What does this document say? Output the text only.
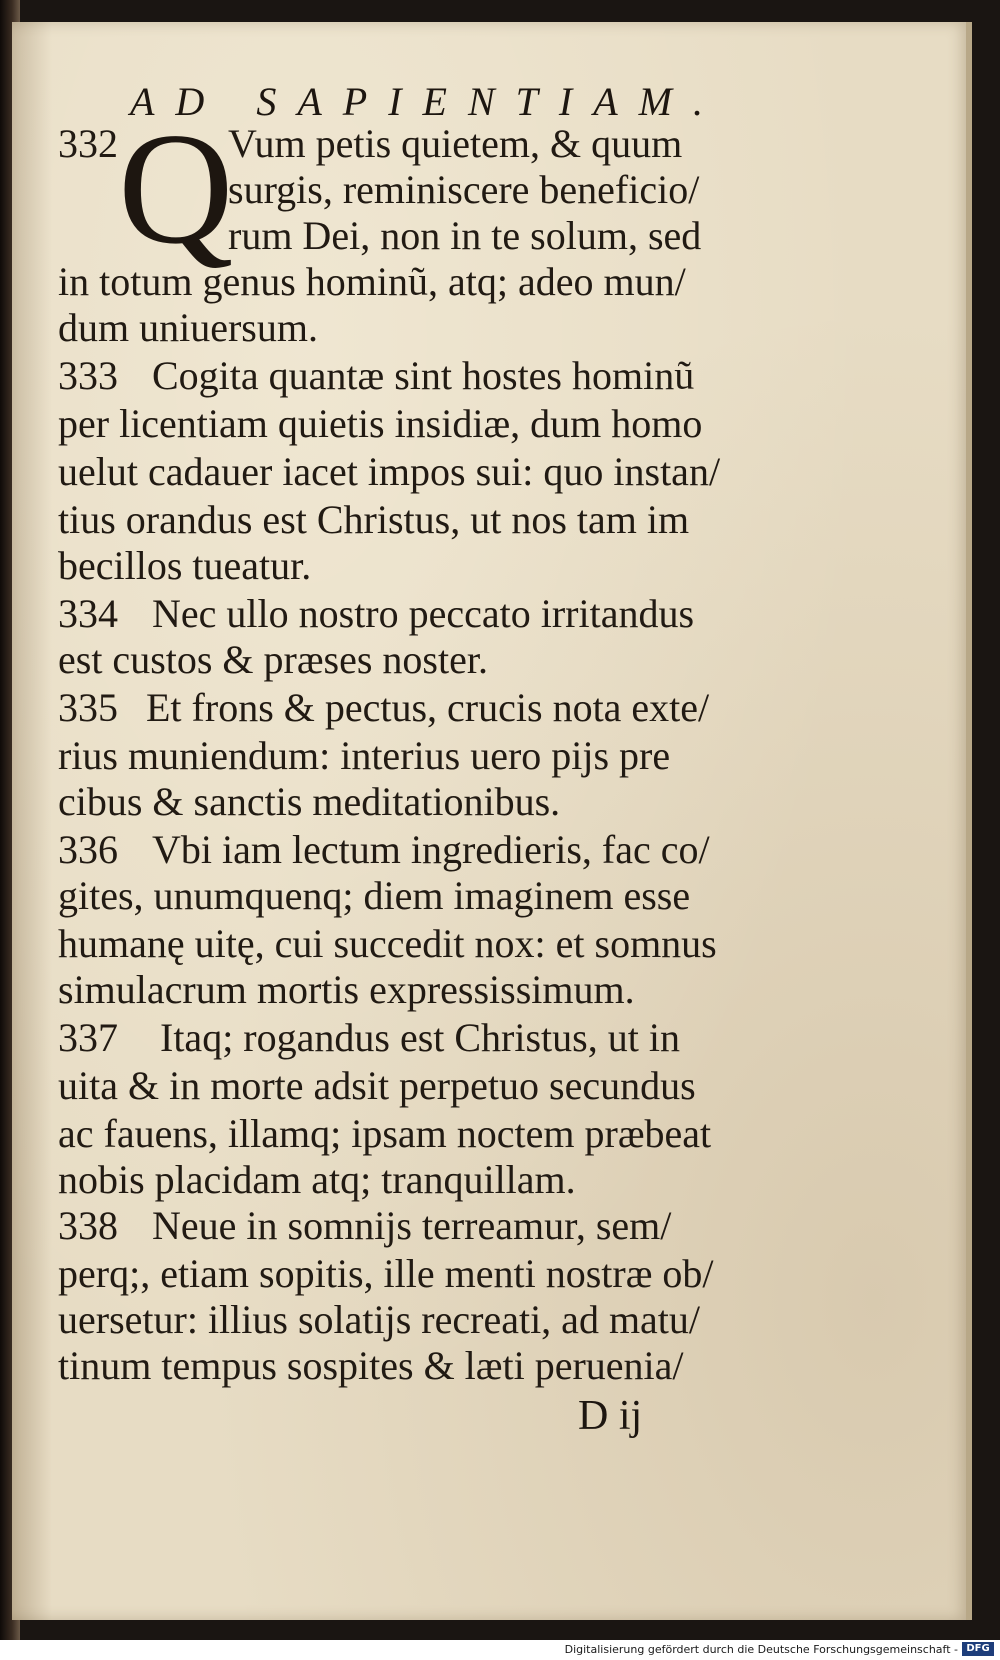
AD SAPIENTIAM.
Q
332	Vum petis quietem, & quum
surgis, reminiscere beneficio/
rum Dei, non in te solum, sed
in totum genus hominũ, atq; adeo mun/
dum uniuersum.
333 Cogita quantæ sint hostes hominũ
per licentiam quietis insidiæ, dum homo
uelut cadauer iacet impos sui: quo instan/
tius orandus est Christus, ut nos tam im
becillos tueatur.
334 Nec ullo nostro peccato irritandus
est custos & præses noster.
335 Et frons & pectus, crucis nota exte/
rius muniendum: interius uero pijs pre
cibus & sanctis meditationibus.
336 Vbi iam lectum ingredieris, fac co/
gites, unumquenq; diem imaginem esse
humanę uitę, cui succedit nox: et somnus
simulacrum mortis expressissimum.
337 Itaq; rogandus est Christus, ut in
uita & in morte adsit perpetuo secundus
ac fauens, illamq; ipsam noctem præbeat
nobis placidam atq; tranquillam.
338 Neue in somnijs terreamur, sem/
perq;, etiam sopitis, ille menti nostræ ob/
uersetur: illius solatijs recreati, ad matu/
tinum tempus sospites & læti peruenia/
D ij
Digitalisierung gefördert durch die Deutsche Forschungsgemeinschaft - DFG
